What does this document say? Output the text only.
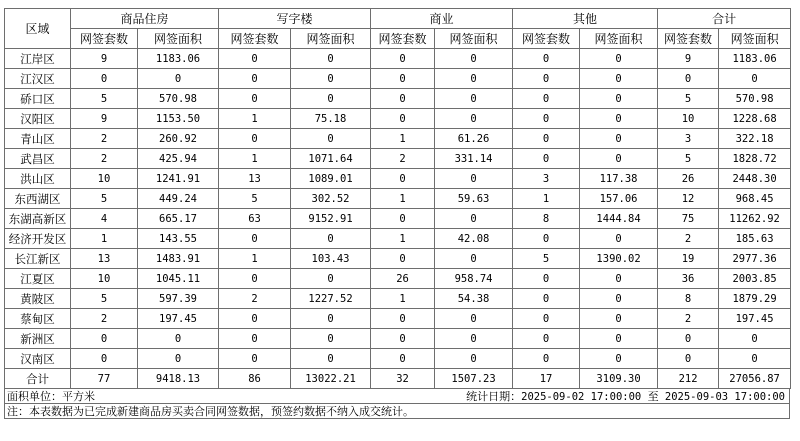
区域	商品住房		写字楼		商业		其他		合计	
	网签套数	网签面积	网签套数	网签面积	网签套数	网签面积	网签套数	网签面积	网签套数	网签面积
江岸区	9	1183.06	0	0	0	0	0	0	9	1183.06
江汉区	0	0	0	0	0	0	0	0	0	0
硚口区	5	570.98	0	0	0	0	0	0	5	570.98
汉阳区	9	1153.50	1	75.18	0	0	0	0	10	1228.68
青山区	2	260.92	0	0	1	61.26	0	0	3	322.18
武昌区	2	425.94	1	1071.64	2	331.14	0	0	5	1828.72
洪山区	10	1241.91	13	1089.01	0	0	3	117.38	26	2448.30
东西湖区	5	449.24	5	302.52	1	59.63	1	157.06	12	968.45
东湖高新区	4	665.17	63	9152.91	0	0	8	1444.84	75	11262.92
经济开发区	1	143.55	0	0	1	42.08	0	0	2	185.63
长江新区	13	1483.91	1	103.43	0	0	5	1390.02	19	2977.36
江夏区	10	1045.11	0	0	26	958.74	0	0	36	2003.85
黄陂区	5	597.39	2	1227.52	1	54.38	0	0	8	1879.29
蔡甸区	2	197.45	0	0	0	0	0	0	2	197.45
新洲区	0	0	0	0	0	0	0	0	0	0
汉南区	0	0	0	0	0	0	0	0	0	0
合计	77	9418.13	86	13022.21	32	1507.23	17	3109.30	212	27056.87
面积单位：平方米	统计日期：2025-09-02 17:00:00 至 2025-09-03 17:00:00
注：本表数据为已完成新建商品房买卖合同网签数据，预签约数据不纳入成交统计。
